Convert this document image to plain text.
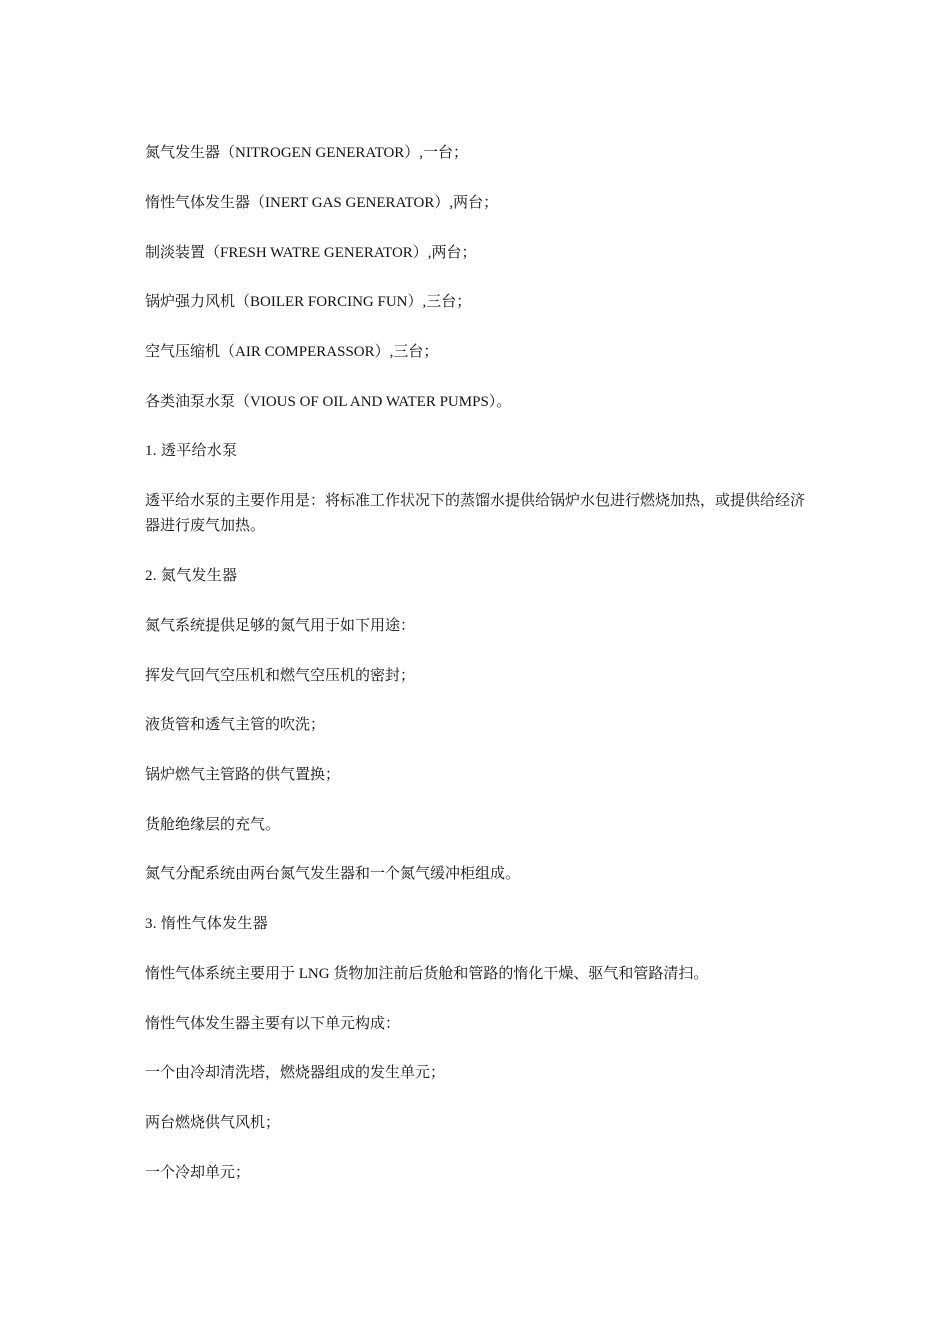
氮气发生器（NITROGEN GENERATOR）,一台；

惰性气体发生器（INERT GAS GENERATOR）,两台；

制淡装置（FRESH WATRE GENERATOR）,两台；

锅炉强力风机（BOILER FORCING FUN）,三台；

空气压缩机（AIR COMPERASSOR）,三台；

各类油泵水泵（VIOUS OF OIL AND WATER PUMPS）。

1. 透平给水泵

透平给水泵的主要作用是：将标准工作状况下的蒸馏水提供给锅炉水包进行燃烧加热，或提供给经济器进行废气加热。

2. 氮气发生器

氮气系统提供足够的氮气用于如下用途：

挥发气回气空压机和燃气空压机的密封；

液货管和透气主管的吹洗；

锅炉燃气主管路的供气置换；

货舱绝缘层的充气。

氮气分配系统由两台氮气发生器和一个氮气缓冲柜组成。

3. 惰性气体发生器

惰性气体系统主要用于 LNG 货物加注前后货舱和管路的惰化干燥、驱气和管路清扫。

惰性气体发生器主要有以下单元构成：

一个由冷却清洗塔，燃烧器组成的发生单元；

两台燃烧供气风机；

一个冷却单元；
